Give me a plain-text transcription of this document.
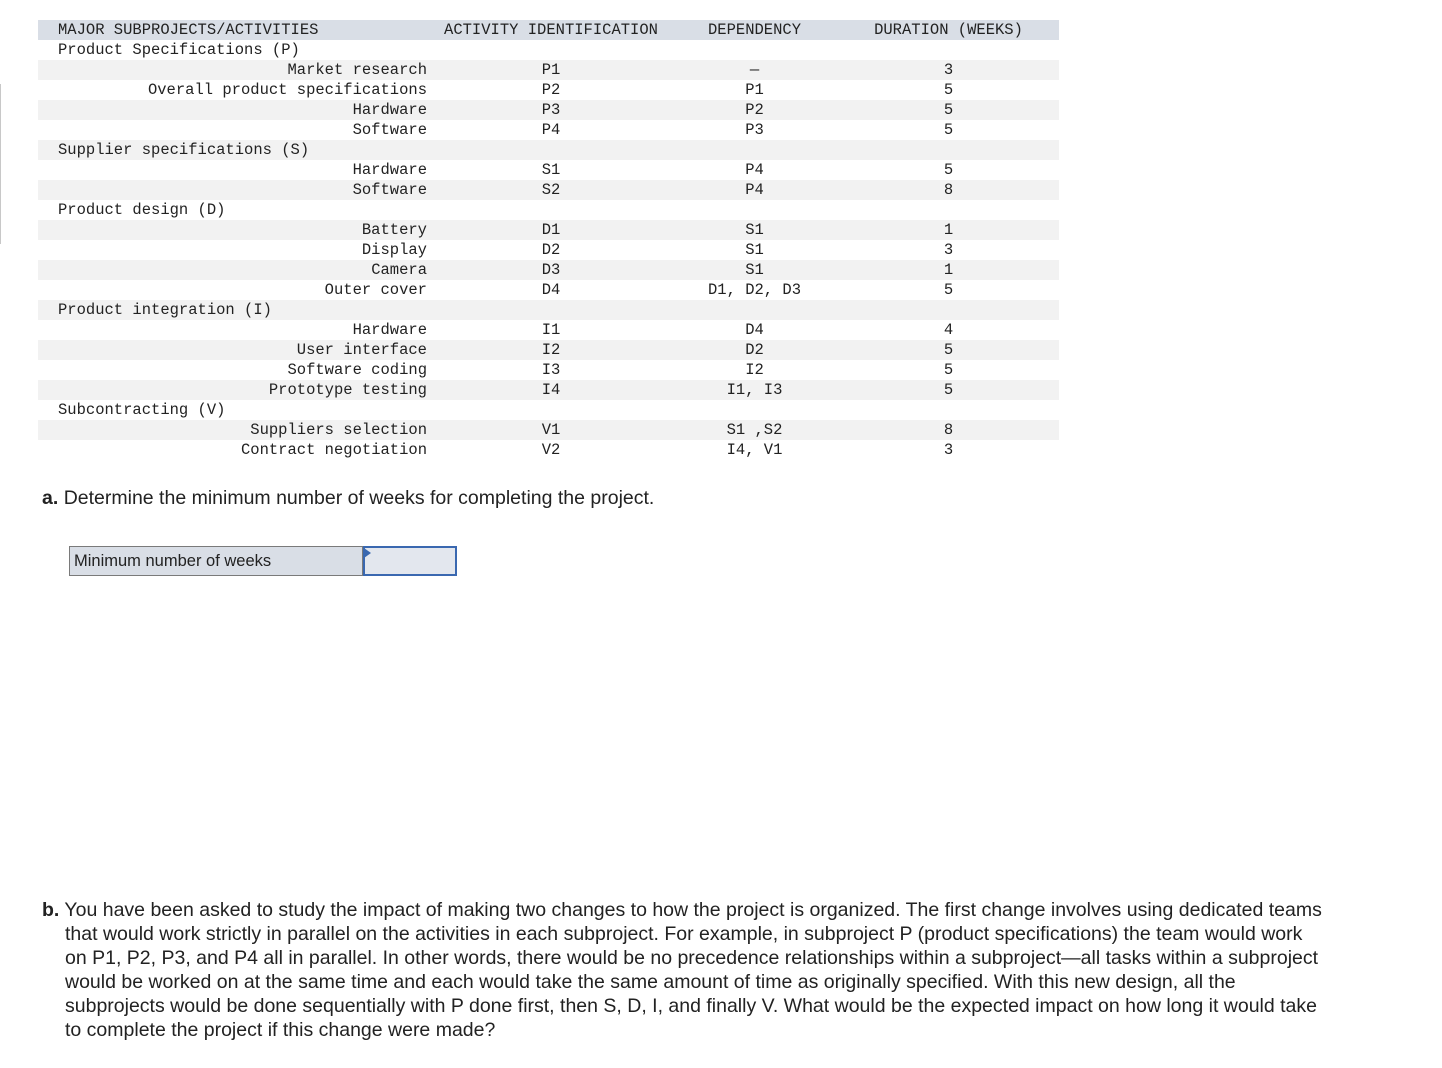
MAJOR SUBPROJECTS/ACTIVITIES	ACTIVITY IDENTIFICATION	DEPENDENCY	DURATION (WEEKS)
Product Specifications (P)			
Market research	P1	—	3
Overall product specifications	P2	P1	5
Hardware	P3	P2	5
Software	P4	P3	5
Supplier specifications (S)			
Hardware	S1	P4	5
Software	S2	P4	8
Product design (D)			
Battery	D1	S1	1
Display	D2	S1	3
Camera	D3	S1	1
Outer cover	D4	D1, D2, D3	5
Product integration (I)			
Hardware	I1	D4	4
User interface	I2	D2	5
Software coding	I3	I2	5
Prototype testing	I4	I1, I3	5
Subcontracting (V)			
Suppliers selection	V1	S1 ,S2	8
Contract negotiation	V2	I4, V1	3
a. Determine the minimum number of weeks for completing the project.
Minimum number of weeks
b. You have been asked to study the impact of making two changes to how the project is organized. The first change involves using dedicated teams that would work strictly in parallel on the activities in each subproject. For example, in subproject P (product specifications) the team would work on P1, P2, P3, and P4 all in parallel. In other words, there would be no precedence relationships within a subproject—all tasks within a subproject would be worked on at the same time and each would take the same amount of time as originally specified. With this new design, all the subprojects would be done sequentially with P done first, then S, D, I, and finally V. What would be the expected impact on how long it would take to complete the project if this change were made?
